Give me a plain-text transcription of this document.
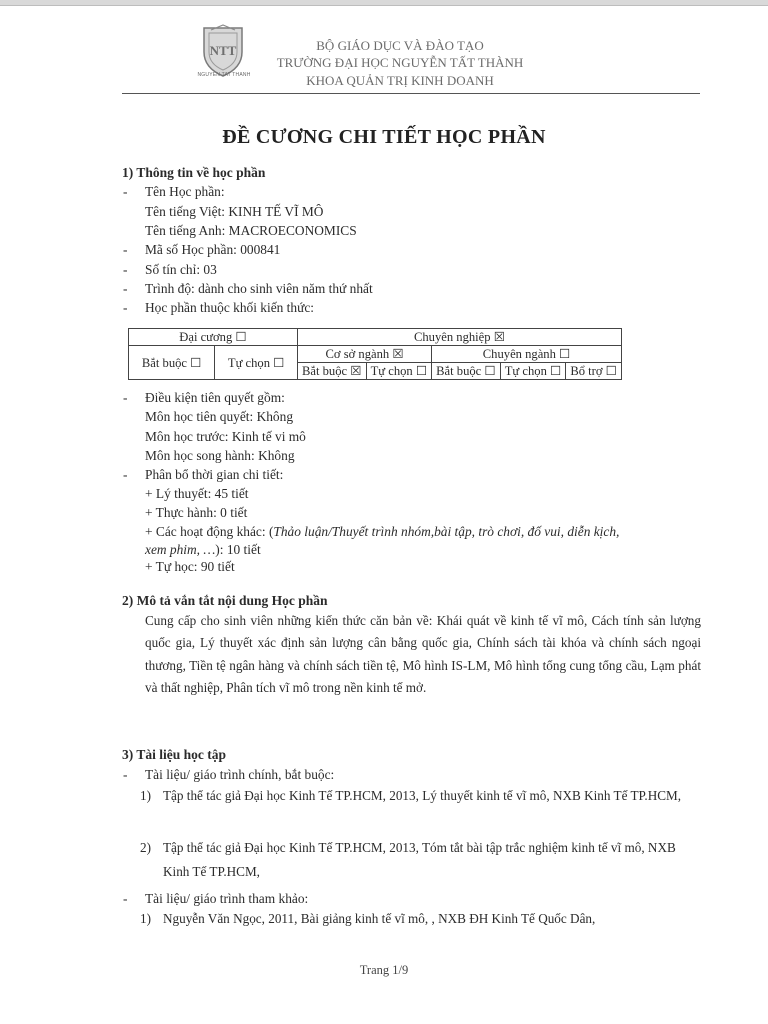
NTT
NGUYEN TAT THANH
BỘ GIÁO DỤC VÀ ĐÀO TẠO
TRƯỜNG ĐẠI HỌC NGUYỄN TẤT THÀNH
KHOA QUẢN TRỊ KINH DOANH
ĐỀ CƯƠNG CHI TIẾT HỌC PHẦN
1) Thông tin về học phần
- Tên Học phần:
Tên tiếng Việt: KINH TẾ VĨ MÔ
Tên tiếng Anh: MACROECONOMICS
- Mã số Học phần: 000841
- Số tín chỉ: 03
- Trình độ: dành cho sinh viên năm thứ nhất
- Học phần thuộc khối kiến thức:
Đại cương ☐		Chuyên nghiệp ☒				
Bắt buộc ☐	Tự chọn ☐	Cơ sở ngành ☒		Chuyên ngành ☐		
		Bắt buộc ☒	Tự chọn ☐	Bắt buộc ☐	Tự chọn ☐	Bổ trợ ☐
- Điều kiện tiên quyết gồm:
Môn học tiên quyết: Không
Môn học trước: Kinh tế vi mô
Môn học song hành: Không
- Phân bổ thời gian chi tiết:
+ Lý thuyết: 45 tiết
+ Thực hành: 0 tiết
+ Các hoạt động khác: (Thảo luận/Thuyết trình nhóm,bài tập, trò chơi, đố vui, diễn kịch,
xem phim, …): 10 tiết
+ Tự học: 90 tiết
2) Mô tả vắn tắt nội dung Học phần
Cung cấp cho sinh viên những kiến thức căn bản về: Khái quát về kinh tế vĩ mô, Cách tính sản lượng quốc gia, Lý thuyết xác định sản lượng cân bằng quốc gia, Chính sách tài khóa và chính sách ngoại thương, Tiền tệ ngân hàng và chính sách tiền tệ, Mô hình IS-LM, Mô hình tổng cung tổng cầu, Lạm phát và thất nghiệp, Phân tích vĩ mô trong nền kinh tế mở.
3) Tài liệu học tập
- Tài liệu/ giáo trình chính, bắt buộc:
1) Tập thể tác giả Đại học Kinh Tế TP.HCM, 2013, Lý thuyết kinh tế vĩ mô, NXB Kinh Tế TP.HCM,
2) Tập thể tác giả Đại học Kinh Tế TP.HCM, 2013, Tóm tắt bài tập trắc nghiệm kinh tế vĩ mô, NXB Kinh Tế TP.HCM,
- Tài liệu/ giáo trình tham khảo:
1) Nguyễn Văn Ngọc, 2011, Bài giảng kinh tế vĩ mô, , NXB ĐH Kinh Tế Quốc Dân,
Trang 1/9
